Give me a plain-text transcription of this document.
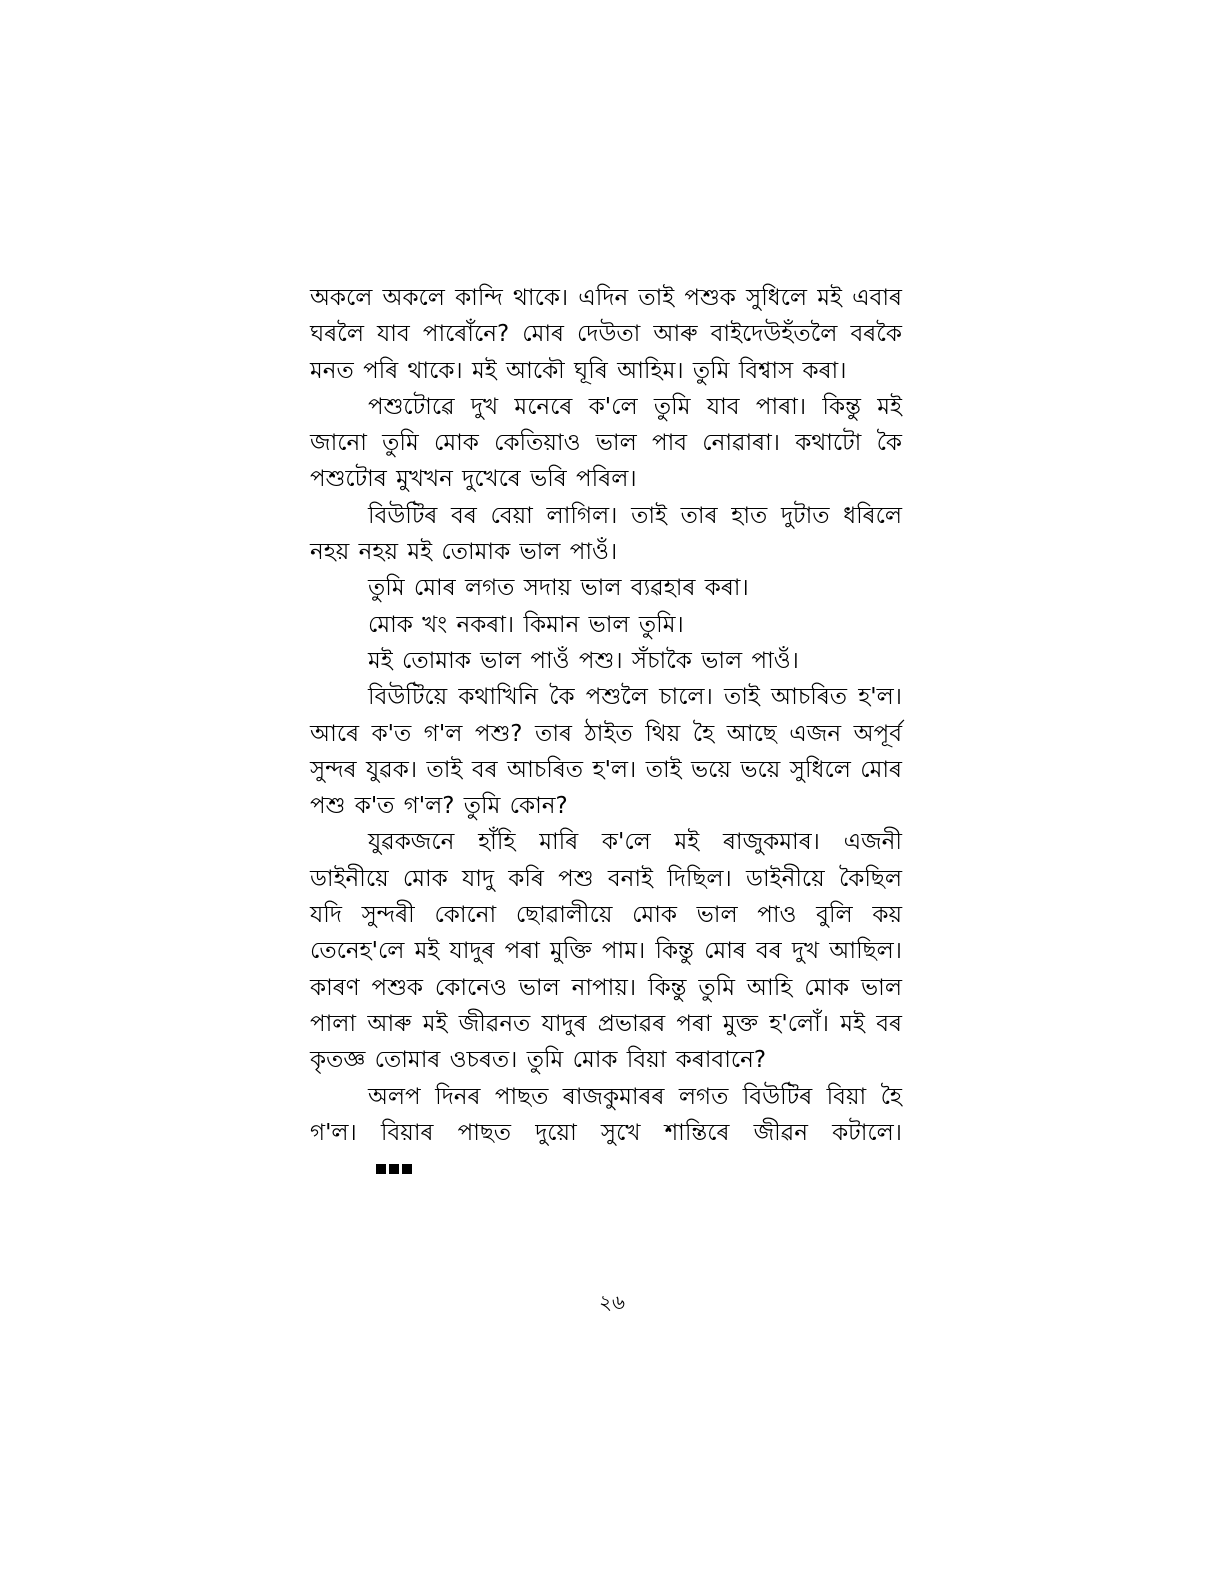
অকলে অকলে কান্দি থাকে। এদিন তাই পশুক সুধিলে মই এবাৰ ঘৰলৈ যাব পাৰোঁনে? মোৰ দেউতা আৰু বাইদেউহঁতলৈ বৰকৈ মনত পৰি থাকে। মই আকৌ ঘূৰি আহিম। তুমি বিশ্বাস কৰা।

পশুটোৱে দুখ মনেৰে ক'লে তুমি যাব পাৰা। কিন্তু মই জানো তুমি মোক কেতিয়াও ভাল পাব নোৱাৰা। কথাটো কৈ পশুটোৰ মুখখন দুখেৰে ভৰি পৰিল।

বিউটিৰ বৰ বেয়া লাগিল। তাই তাৰ হাত দুটাত ধৰিলে নহয় নহয় মই তোমাক ভাল পাওঁ।

তুমি মোৰ লগত সদায় ভাল ব্যৱহাৰ কৰা।

মোক খং নকৰা। কিমান ভাল তুমি।

মই তোমাক ভাল পাওঁ পশু। সঁচাকৈ ভাল পাওঁ।

বিউটিয়ে কথাখিনি কৈ পশুলৈ চালে। তাই আচৰিত হ'ল। আৰে ক'ত গ'ল পশু? তাৰ ঠাইত থিয় হৈ আছে এজন অপূৰ্ব সুন্দৰ যুৱক। তাই বৰ আচৰিত হ'ল। তাই ভয়ে ভয়ে সুধিলে মোৰ পশু ক'ত গ'ল? তুমি কোন?

যুৱকজনে হাঁহি মাৰি ক'লে মই ৰাজুকমাৰ। এজনী ডাইনীয়ে মোক যাদু কৰি পশু বনাই দিছিল। ডাইনীয়ে কৈছিল যদি সুন্দৰী কোনো ছোৱালীয়ে মোক ভাল পাও বুলি কয় তেনেহ'লে মই যাদুৰ পৰা মুক্তি পাম। কিন্তু মোৰ বৰ দুখ আছিল। কাৰণ পশুক কোনেও ভাল নাপায়। কিন্তু তুমি আহি মোক ভাল পালা আৰু মই জীৱনত যাদুৰ প্ৰভাৱৰ পৰা মুক্ত হ'লোঁ। মই বৰ কৃতজ্ঞ তোমাৰ ওচৰত। তুমি মোক বিয়া কৰাবানে?

অলপ দিনৰ পাছত ৰাজকুমাৰৰ লগত বিউটিৰ বিয়া হৈ গ'ল। বিয়াৰ পাছত দুয়ো সুখে শান্তিৰে জীৱন কটালে।

২৬
